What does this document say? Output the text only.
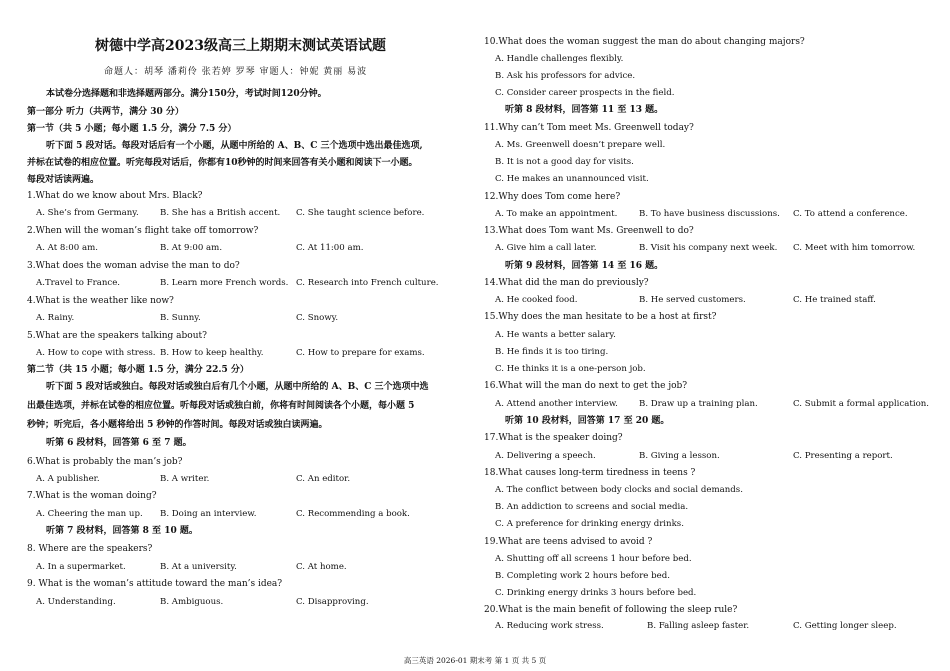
树德中学高2023级高三上期期末测试英语试题
命题人：胡琴 潘莉伶 张若婷 罗琴 审题人：钟妮 黄丽 易波
本试卷分选择题和非选择题两部分。满分150分，考试时间120分钟。
第一部分 听力（共两节，满分 30 分）
第一节（共 5 小题；每小题 1.5 分，满分 7.5 分）
听下面 5 段对话。每段对话后有一个小题，从题中所给的 A、B、C 三个选项中选出最佳选项,
并标在试卷的相应位置。听完每段对话后，你都有10秒钟的时间来回答有关小题和阅读下一小题。
每段对话读两遍。
1.What do we know about Mrs. Black?
A. She’s from Germany. B. She has a British accent. C. She taught science before.
2.When will the woman’s flight take off tomorrow?
A. At 8:00 am.	B. At 9:00 am.	C. At 11:00 am.
3.What does the woman advise the man to do?
A.Travel to France.	B. Learn more French words. C. Research into French culture.
4.What is the weather like now?
A. Rainy.	B. Sunny.	C. Snowy.
5.What are the speakers talking about?
A. How to cope with stress. B. How to keep healthy.	C. How to prepare for exams.
第二节（共 15 小题；每小题 1.5 分，满分 22.5 分）
听下面 5 段对话或独白。每段对话或独白后有几个小题，从题中所给的 A、B、C 三个选项中选
出最佳选项，并标在试卷的相应位置。听每段对话或独白前，你将有时间阅读各个小题，每小题 5
秒钟；听完后，各小题将给出 5 秒钟的作答时间。每段对话或独白读两遍。
听第 6 段材料，回答第 6 至 7 题。
6.What is probably the man’s job?
A. A publisher.	B. A writer.	C. An editor.
7.What is the woman doing?
A. Cheering the man up. B. Doing an interview.	C. Recommending a book.
听第 7 段材料，回答第 8 至 10 题。
8. Where are the speakers?
A. In a supermarket.	B. At a university.	C. At home.
9. What is the woman’s attitude toward the man’s idea?
A. Understanding.	B. Ambiguous.	C. Disapproving.
10.What does the woman suggest the man do about changing majors?
A. Handle challenges flexibly.
B. Ask his professors for advice.
C. Consider career prospects in the field.
听第 8 段材料，回答第 11 至 13 题。
11.Why can’t Tom meet Ms. Greenwell today?
A. Ms. Greenwell doesn’t prepare well.
B. It is not a good day for visits.
C. He makes an unannounced visit.
12.Why does Tom come here?
A. To make an appointment.	B. To have business discussions. C. To attend a conference.
13.What does Tom want Ms. Greenwell to do?
A. Give him a call later.	B. Visit his company next week. C. Meet with him tomorrow.
听第 9 段材料，回答第 14 至 16 题。
14.What did the man do previously?
A. He cooked food.	B. He served customers.	C. He trained staff.
15.Why does the man hesitate to be a host at first?
A. He wants a better salary.
B. He finds it is too tiring.
C. He thinks it is a one-person job.
16.What will the man do next to get the job?
A. Attend another interview. B. Draw up a training plan.	C. Submit a formal application.
听第 10 段材料，回答第 17 至 20 题。
17.What is the speaker doing?
A. Delivering a speech.	B. Giving a lesson.	C. Presenting a report.
18.What causes long-term tiredness in teens ?
A. The conflict between body clocks and social demands.
B. An addiction to screens and social media.
C. A preference for drinking energy drinks.
19.What are teens advised to avoid ?
A. Shutting off all screens 1 hour before bed.
B. Completing work 2 hours before bed.
C. Drinking energy drinks 3 hours before bed.
20.What is the main benefit of following the sleep rule?
A. Reducing work stress.	B. Falling asleep faster.	C. Getting longer sleep.
高三英语 2026-01 期末考 第 1 页 共 5 页
